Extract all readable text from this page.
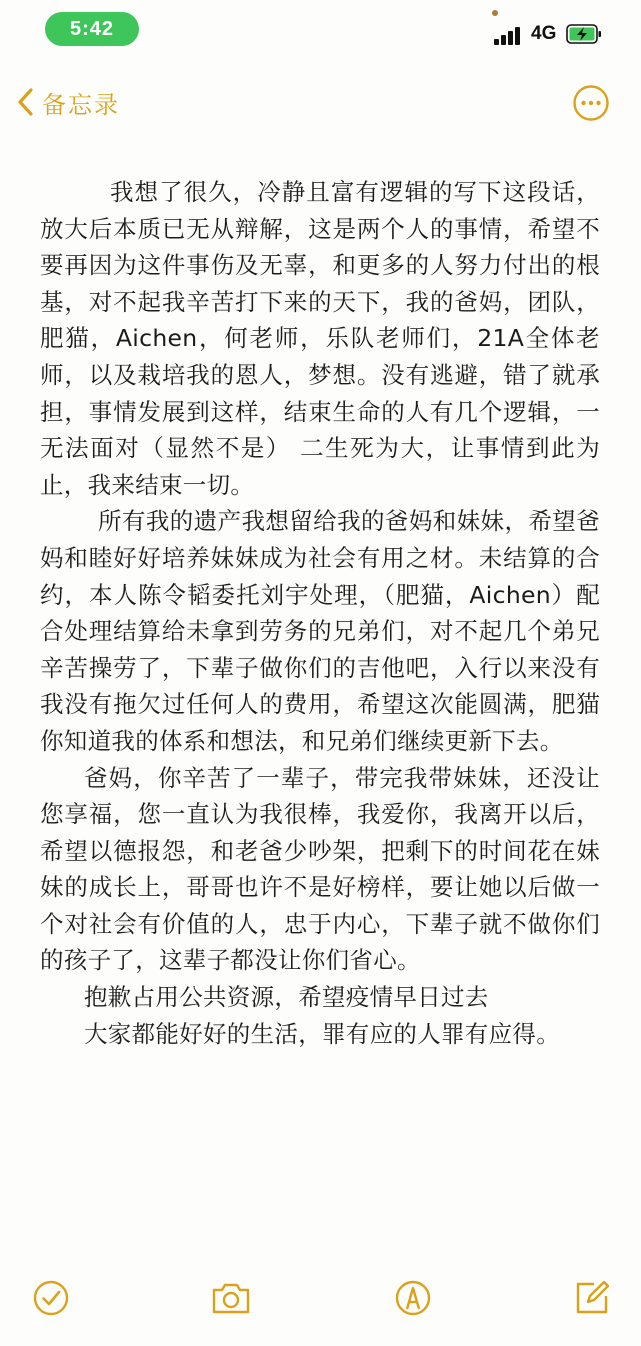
5:42	4G
备忘录

我想了很久，冷静且富有逻辑的写下这段话，放大后本质已无从辩解，这是两个人的事情，希望不要再因为这件事伤及无辜，和更多的人努力付出的根基，对不起我辛苦打下来的天下，我的爸妈，团队，肥猫，Aichen，何老师，乐队老师们，21A全体老师，以及栽培我的恩人，梦想。没有逃避，错了就承担，事情发展到这样，结束生命的人有几个逻辑，一无法面对（显然不是） 二生死为大，让事情到此为止，我来结束一切。

所有我的遗产我想留给我的爸妈和妹妹，希望爸妈和睦好好培养妹妹成为社会有用之材。未结算的合约，本人陈令韬委托刘宇处理，（肥猫，Aichen）配合处理结算给未拿到劳务的兄弟们，对不起几个弟兄辛苦操劳了，下辈子做你们的吉他吧，入行以来没有我没有拖欠过任何人的费用，希望这次能圆满，肥猫你知道我的体系和想法，和兄弟们继续更新下去。

爸妈，你辛苦了一辈子，带完我带妹妹，还没让您享福，您一直认为我很棒，我爱你，我离开以后，希望以德报怨，和老爸少吵架，把剩下的时间花在妹妹的成长上，哥哥也许不是好榜样，要让她以后做一个对社会有价值的人，忠于内心，下辈子就不做你们的孩子了，这辈子都没让你们省心。

抱歉占用公共资源，希望疫情早日过去

大家都能好好的生活，罪有应的人罪有应得。
